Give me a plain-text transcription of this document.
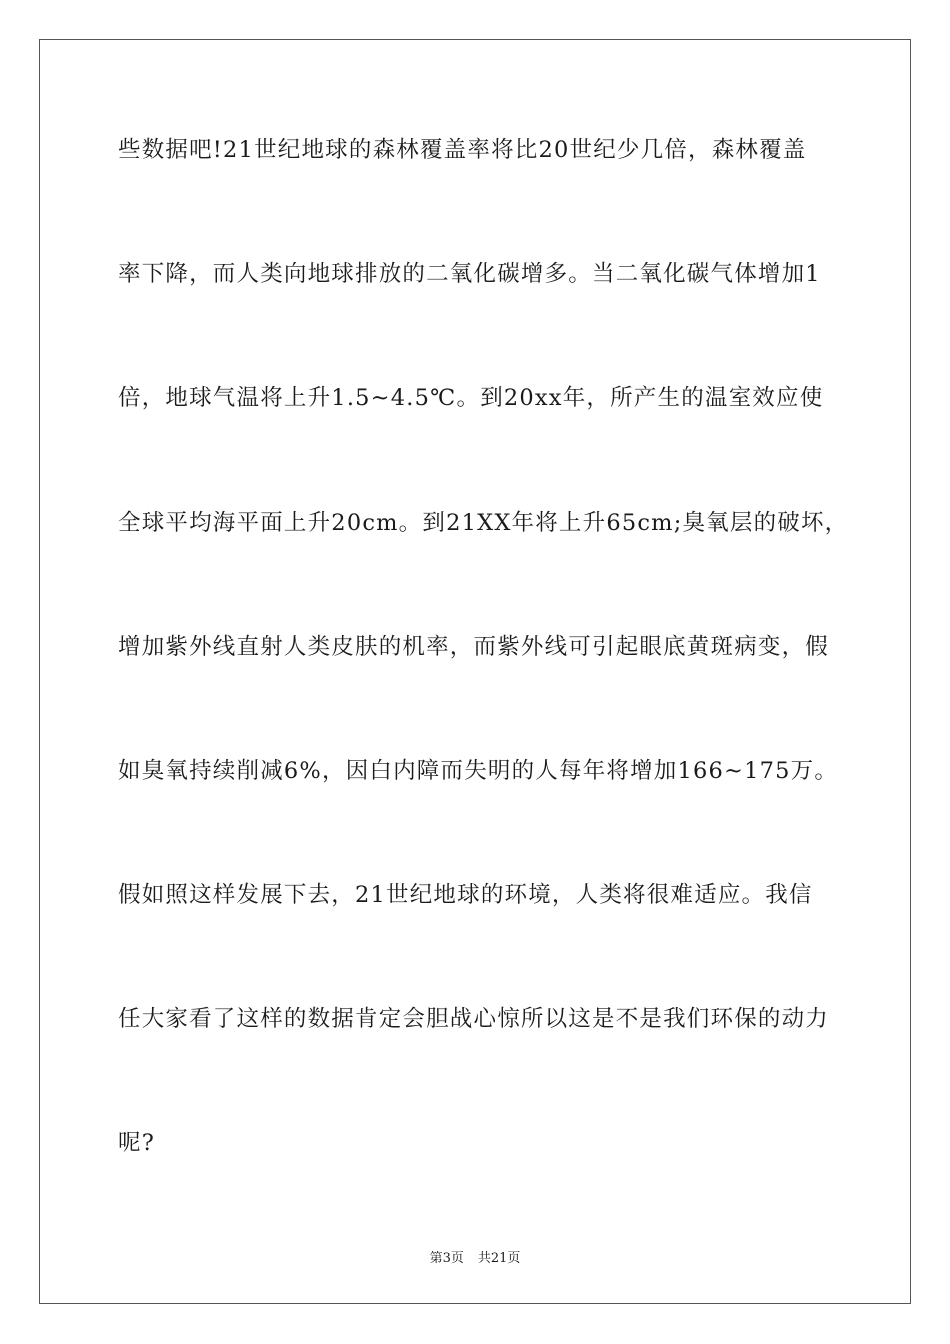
些数据吧!21世纪地球的森林覆盖率将比20世纪少几倍，森林覆盖
率下降，而人类向地球排放的二氧化碳增多。当二氧化碳气体增加1
倍，地球气温将上升1.5~4.5℃。到20xx年，所产生的温室效应使
全球平均海平面上升20cm。到21XX年将上升65cm;臭氧层的破坏，
增加紫外线直射人类皮肤的机率，而紫外线可引起眼底黄斑病变，假
如臭氧持续削减6%，因白内障而失明的人每年将增加166~175万。
假如照这样发展下去，21世纪地球的环境，人类将很难适应。我信
任大家看了这样的数据肯定会胆战心惊所以这是不是我们环保的动力
呢?
第3页 共21页
